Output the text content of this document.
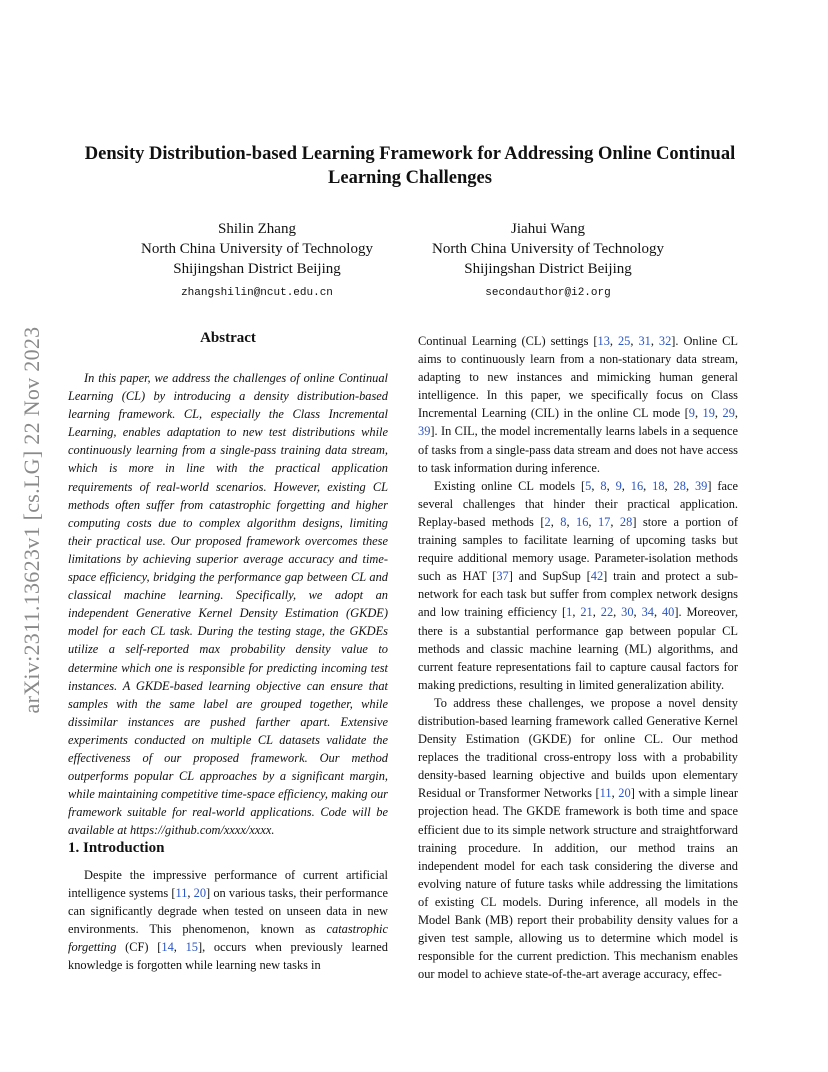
arXiv:2311.13623v1 [cs.LG] 22 Nov 2023
Density Distribution-based Learning Framework for Addressing Online Continual Learning Challenges
Shilin Zhang
North China University of Technology
Shijingshan District Beijing
zhangshilin@ncut.edu.cn
Jiahui Wang
North China University of Technology
Shijingshan District Beijing
secondauthor@i2.org
Abstract
In this paper, we address the challenges of online Continual Learning (CL) by introducing a density distribution-based learning framework. CL, especially the Class Incremental Learning, enables adaptation to new test distributions while continuously learning from a single-pass training data stream, which is more in line with the practical application requirements of real-world scenarios. However, existing CL methods often suffer from catastrophic forgetting and higher computing costs due to complex algorithm designs, limiting their practical use. Our proposed framework overcomes these limitations by achieving superior average accuracy and time-space efficiency, bridging the performance gap between CL and classical machine learning. Specifically, we adopt an independent Generative Kernel Density Estimation (GKDE) model for each CL task. During the testing stage, the GKDEs utilize a self-reported max probability density value to determine which one is responsible for predicting incoming test instances. A GKDE-based learning objective can ensure that samples with the same label are grouped together, while dissimilar instances are pushed farther apart. Extensive experiments conducted on multiple CL datasets validate the effectiveness of our proposed framework. Our method outperforms popular CL approaches by a significant margin, while maintaining competitive time-space efficiency, making our framework suitable for real-world applications. Code will be available at https://github.com/xxxx/xxxx.
1. Introduction
Despite the impressive performance of current artificial intelligence systems [11, 20] on various tasks, their performance can significantly degrade when tested on unseen data in new environments. This phenomenon, known as catastrophic forgetting (CF) [14, 15], occurs when previously learned knowledge is forgotten while learning new tasks in

Continual Learning (CL) settings [13, 25, 31, 32]. Online CL aims to continuously learn from a non-stationary data stream, adapting to new instances and mimicking human general intelligence. In this paper, we specifically focus on Class Incremental Learning (CIL) in the online CL mode [9, 19, 29, 39]. In CIL, the model incrementally learns labels in a sequence of tasks from a single-pass data stream and does not have access to task information during inference.

Existing online CL models [5, 8, 9, 16, 18, 28, 39] face several challenges that hinder their practical application. Replay-based methods [2, 8, 16, 17, 28] store a portion of training samples to facilitate learning of upcoming tasks but require additional memory usage. Parameter-isolation methods such as HAT [37] and SupSup [42] train and protect a sub-network for each task but suffer from complex network designs and low training efficiency [1, 21, 22, 30, 34, 40]. Moreover, there is a substantial performance gap between popular CL methods and classic machine learning (ML) algorithms, and current feature representations fail to capture causal factors for making predictions, resulting in limited generalization ability.

To address these challenges, we propose a novel density distribution-based learning framework called Generative Kernel Density Estimation (GKDE) for online CL. Our method replaces the traditional cross-entropy loss with a probability density-based learning objective and builds upon elementary Residual or Transformer Networks [11, 20] with a simple linear projection head. The GKDE framework is both time and space efficient due to its simple network structure and straightforward training procedure. In addition, our method trains an independent model for each task considering the diverse and evolving nature of future tasks while addressing the limitations of existing CL models. During inference, all models in the Model Bank (MB) report their probability density values for a given test sample, allowing us to determine which model is responsible for the current prediction. This mechanism enables our model to achieve state-of-the-art average accuracy, effec-
